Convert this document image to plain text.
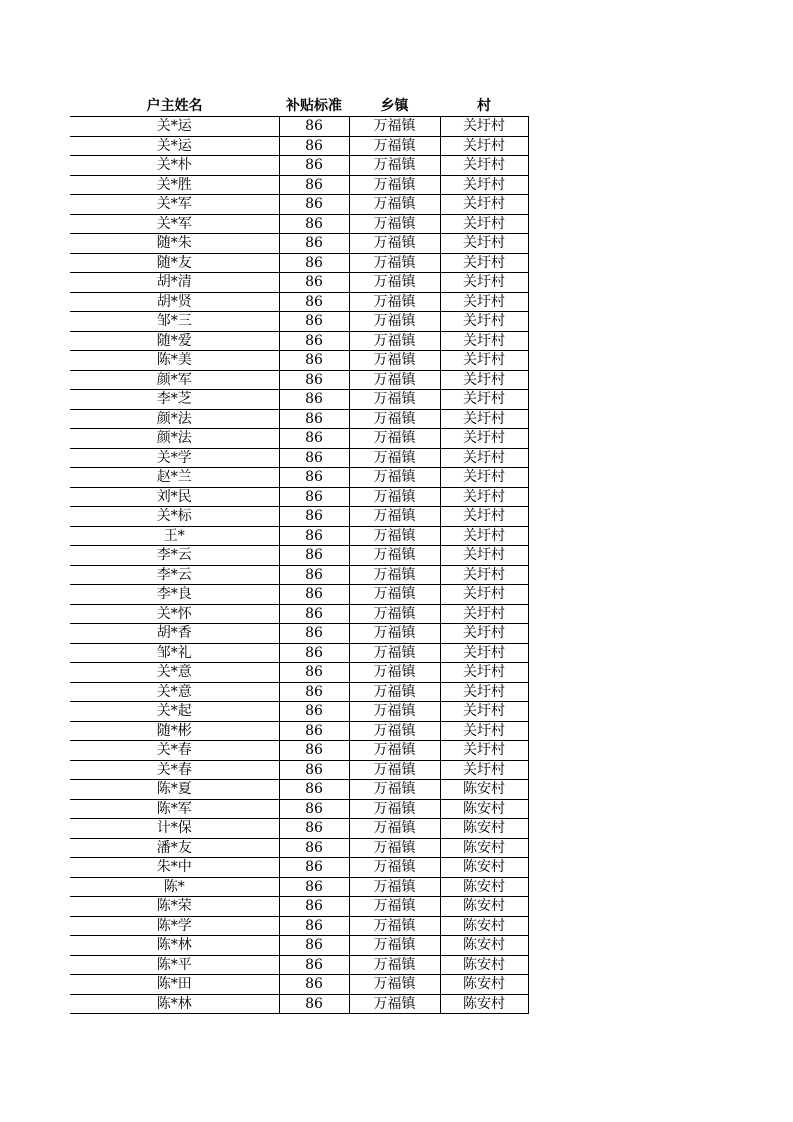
户主姓名	补贴标准	乡镇	村
关*运	86	万福镇	关圩村
关*运	86	万福镇	关圩村
关*朴	86	万福镇	关圩村
关*胜	86	万福镇	关圩村
关*军	86	万福镇	关圩村
关*军	86	万福镇	关圩村
随*朱	86	万福镇	关圩村
随*友	86	万福镇	关圩村
胡*清	86	万福镇	关圩村
胡*贤	86	万福镇	关圩村
邹*三	86	万福镇	关圩村
随*爱	86	万福镇	关圩村
陈*美	86	万福镇	关圩村
颜*军	86	万福镇	关圩村
李*芝	86	万福镇	关圩村
颜*法	86	万福镇	关圩村
颜*法	86	万福镇	关圩村
关*学	86	万福镇	关圩村
赵*兰	86	万福镇	关圩村
刘*民	86	万福镇	关圩村
关*标	86	万福镇	关圩村
王*	86	万福镇	关圩村
李*云	86	万福镇	关圩村
李*云	86	万福镇	关圩村
李*良	86	万福镇	关圩村
关*怀	86	万福镇	关圩村
胡*香	86	万福镇	关圩村
邹*礼	86	万福镇	关圩村
关*意	86	万福镇	关圩村
关*意	86	万福镇	关圩村
关*起	86	万福镇	关圩村
随*彬	86	万福镇	关圩村
关*春	86	万福镇	关圩村
关*春	86	万福镇	关圩村
陈*夏	86	万福镇	陈安村
陈*军	86	万福镇	陈安村
计*保	86	万福镇	陈安村
潘*友	86	万福镇	陈安村
朱*中	86	万福镇	陈安村
陈*	86	万福镇	陈安村
陈*荣	86	万福镇	陈安村
陈*学	86	万福镇	陈安村
陈*林	86	万福镇	陈安村
陈*平	86	万福镇	陈安村
陈*田	86	万福镇	陈安村
陈*林	86	万福镇	陈安村
